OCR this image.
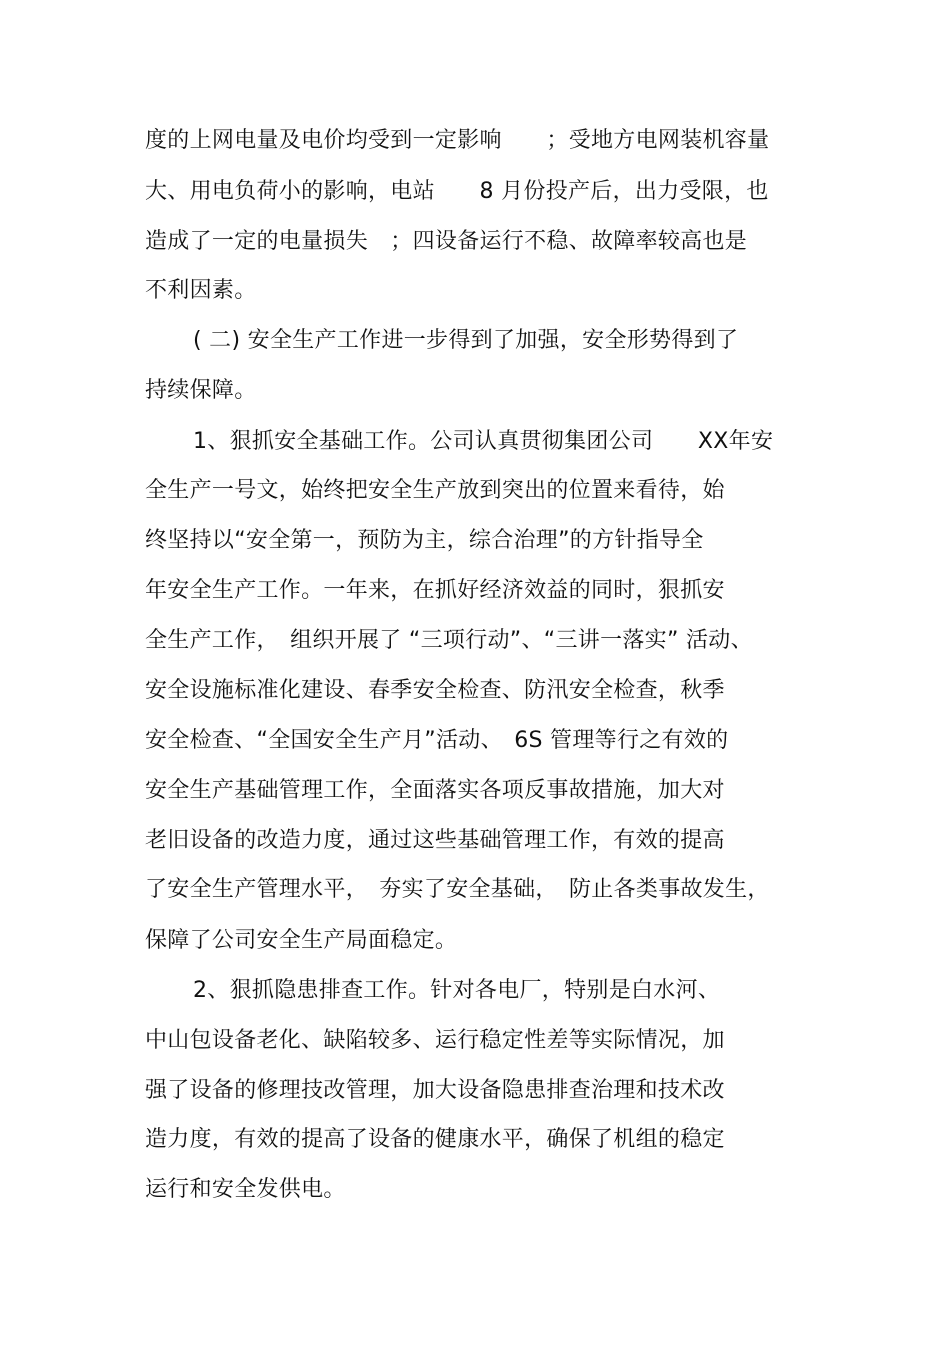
度的上网电量及电价均受到一定影响　　；受地方电网装机容量
大、用电负荷小的影响，电站　　8 月份投产后，出力受限，也
造成了一定的电量损失　；四设备运行不稳、故障率较高也是
不利因素。
( 二) 安全生产工作进一步得到了加强，安全形势得到了
持续保障。
1、狠抓安全基础工作。公司认真贯彻集团公司　　XX年安
全生产一号文，始终把安全生产放到突出的位置来看待，始
终坚持以“安全第一，预防为主，综合治理”的方针指导全
年安全生产工作。一年来，在抓好经济效益的同时，狠抓安
全生产工作，　组织开展了 “三项行动”、“三讲一落实” 活动、
安全设施标准化建设、春季安全检查、防汛安全检查，秋季
安全检查、“全国安全生产月”活动、　6S 管理等行之有效的
安全生产基础管理工作，全面落实各项反事故措施，加大对
老旧设备的改造力度，通过这些基础管理工作，有效的提高
了安全生产管理水平，　夯实了安全基础，　防止各类事故发生，
保障了公司安全生产局面稳定。
2、狠抓隐患排查工作。针对各电厂，特别是白水河、
中山包设备老化、缺陷较多、运行稳定性差等实际情况，加
强了设备的修理技改管理，加大设备隐患排查治理和技术改
造力度，有效的提高了设备的健康水平，确保了机组的稳定
运行和安全发供电。
